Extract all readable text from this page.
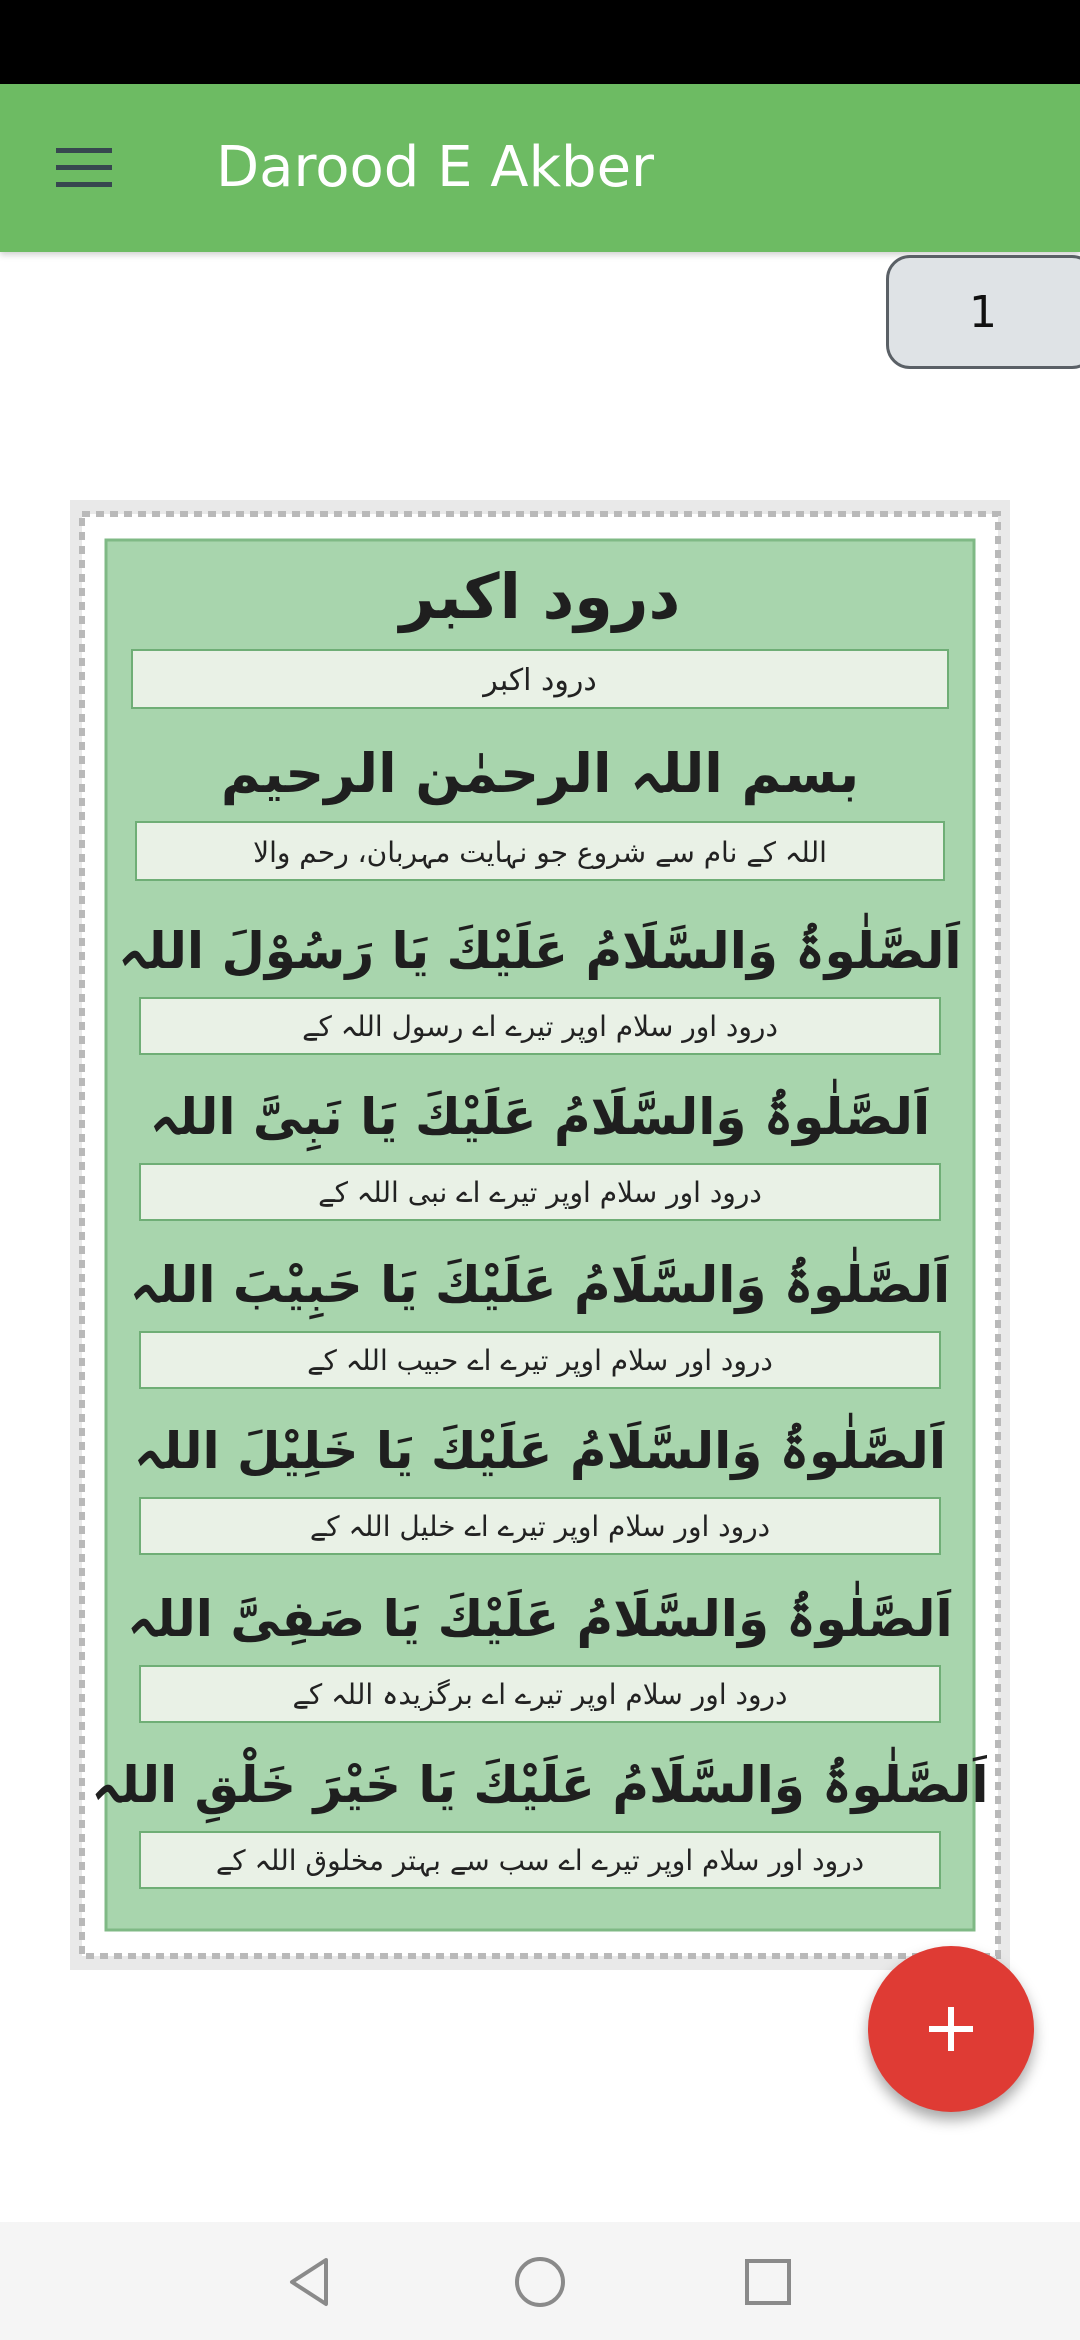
Darood E Akber
1
درود اکبر
درود اکبر
بسم اللہ الرحمٰن الرحیم
اللہ کے نام سے شروع جو نہایت مہربان، رحم والا
اَلصَّلٰوۃُ وَالسَّلَامُ عَلَیْكَ یَا رَسُوْلَ اللہ
درود اور سلام اوپر تیرے اے رسول اللہ کے
اَلصَّلٰوۃُ وَالسَّلَامُ عَلَیْكَ یَا نَبِیَّ اللہ
درود اور سلام اوپر تیرے اے نبی اللہ کے
اَلصَّلٰوۃُ وَالسَّلَامُ عَلَیْكَ یَا حَبِیْبَ اللہ
درود اور سلام اوپر تیرے اے حبیب اللہ کے
اَلصَّلٰوۃُ وَالسَّلَامُ عَلَیْكَ یَا خَلِیْلَ اللہ
درود اور سلام اوپر تیرے اے خلیل اللہ کے
اَلصَّلٰوۃُ وَالسَّلَامُ عَلَیْكَ یَا صَفِیَّ اللہ
درود اور سلام اوپر تیرے اے برگزیدہ اللہ کے
اَلصَّلٰوۃُ وَالسَّلَامُ عَلَیْكَ یَا خَیْرَ خَلْقِ اللہ
درود اور سلام اوپر تیرے اے سب سے بہتر مخلوق اللہ کے
